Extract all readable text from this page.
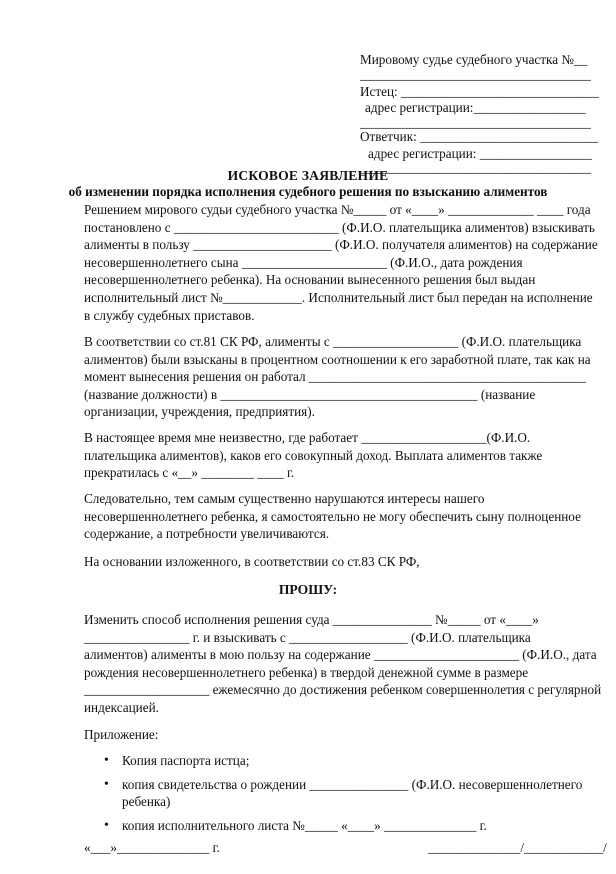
Мировому судье судебного участка №__
___________________________________
Истец: ______________________________
адрес регистрации:_________________
___________________________________
Ответчик: ___________________________
адрес регистрации: _________________
___________________________________
ИСКОВОЕ ЗАЯВЛЕНИЕ
об изменении порядка исполнения судебного решения по взысканию алиментов

Решением мирового судьи судебного участка №_____ от «____» _____________ ____ года

постановлено с _________________________ (Ф.И.О. плательщика алиментов) взыскивать

алименты в пользу _____________________ (Ф.И.О. получателя алиментов) на содержание

несовершеннолетнего сына ______________________ (Ф.И.О., дата рождения

несовершеннолетнего ребенка). На основании вынесенного решения был выдан

исполнительный лист №____________. Исполнительный лист был передан на исполнение

в службу судебных приставов.

В соответствии со ст.81 СК РФ, алименты с ___________________ (Ф.И.О. плательщика

алиментов) были взысканы в процентном соотношении к его заработной плате, так как на

момент вынесения решения он работал __________________________________________

(название должности) в _______________________________________ (название

организации, учреждения, предприятия).

В настоящее время мне неизвестно, где работает ___________________(Ф.И.О.

плательщика алиментов), каков его совокупный доход. Выплата алиментов также

прекратилась с «__» ________ ____ г.

Следовательно, тем самым существенно нарушаются интересы нашего

несовершеннолетнего ребенка, я самостоятельно не могу обеспечить сыну полноценное

содержание, а потребности увеличиваются.

На основании изложенного, в соответствии со ст.83 СК РФ,

ПРОШУ:

Изменить способ исполнения решения суда _______________ №_____ от «____»

________________ г. и взыскивать с __________________ (Ф.И.О. плательщика

алиментов) алименты в мою пользу на содержание ______________________ (Ф.И.О., дата

рождения несовершеннолетнего ребенка) в твердой денежной сумме в размере

___________________ ежемесячно до достижения ребенком совершеннолетия с регулярной

индексацией.

Приложение:

• Копия паспорта истца;
• копия свидетельства о рождении _______________ (Ф.И.О. несовершеннолетнего
ребенка)
• копия исполнительного листа №_____ «____» ______________ г.
«___»______________ г.	______________/____________/
